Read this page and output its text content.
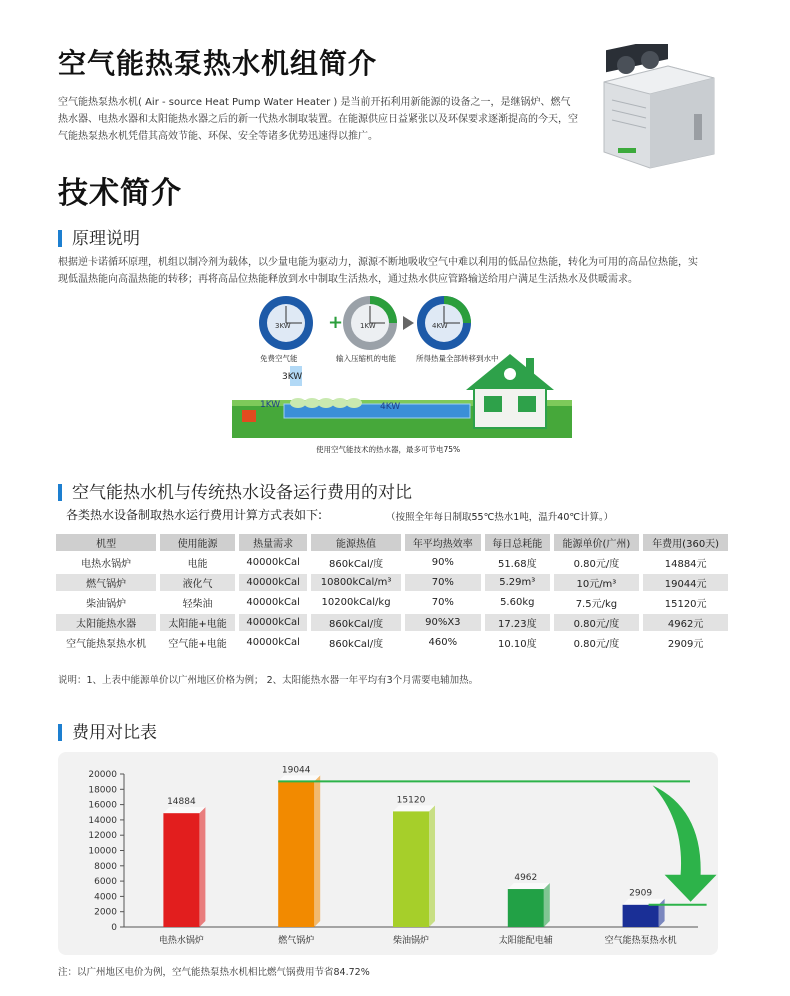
空气能热泵热水机组简介
空气能热泵热水机( Air - source Heat Pump Water Heater ) 是当前开拓利用新能源的设备之一，是继锅炉、燃气热水器、电热水器和太阳能热水器之后的新一代热水制取装置。在能源供应日益紧张以及环保要求逐渐提高的今天，空气能热泵热水机凭借其高效节能、环保、安全等诸多优势迅速得以推广。
技术简介
原理说明
根据逆卡诺循环原理，机组以制冷剂为载体，以少量电能为驱动力，源源不断地吸收空气中难以利用的低品位热能，转化为可用的高品位热能，实现低温热能向高温热能的转移；再将高品位热能释放到水中制取生活热水，通过热水供应管路输送给用户满足生活热水及供暖需求。
+
3KW	1KW	4KW
免费空气能	输入压缩机的电能	所得热量全部转移到水中
3KW
1KW	4KW
使用空气能技术的热水器，最多可节电75%
空气能热水机与传统热水设备运行费用的对比
各类热水设备制取热水运行费用计算方式表如下:	（按照全年每日制取55℃热水1吨，温升40℃计算。）
机型	使用能源	热量需求	能源热值	年平均热效率	每日总耗能	能源单价(广州)	年费用(360天)
电热水锅炉	电能	40000kCal	860kCal/度	90%	51.68度	0.80元/度	14884元
燃气锅炉	液化气	40000kCal	10800kCal/m³	70%	5.29m³	10元/m³	19044元
柴油锅炉	轻柴油	40000kCal	10200kCal/kg	70%	5.60kg	7.5元/kg	15120元
太阳能热水器	太阳能+电能	40000kCal	860kCal/度	90%X3	17.23度	0.80元/度	4962元
空气能热泵热水机	空气能+电能	40000kCal	860kCal/度	460%	10.10度	0.80元/度	2909元
说明：1、上表中能源单价以广州地区价格为例； 2、太阳能热水器一年平均有3个月需要电辅加热。
费用对比表
0
2000
4000
6000
8000
10000
12000
14000
16000
18000
20000
14884
电热水锅炉
19044
燃气锅炉
15120
柴油锅炉
4962
太阳能配电辅
2909
空气能热泵热水机
注：以广州地区电价为例，空气能热泵热水机相比燃气锅费用节省84.72%
